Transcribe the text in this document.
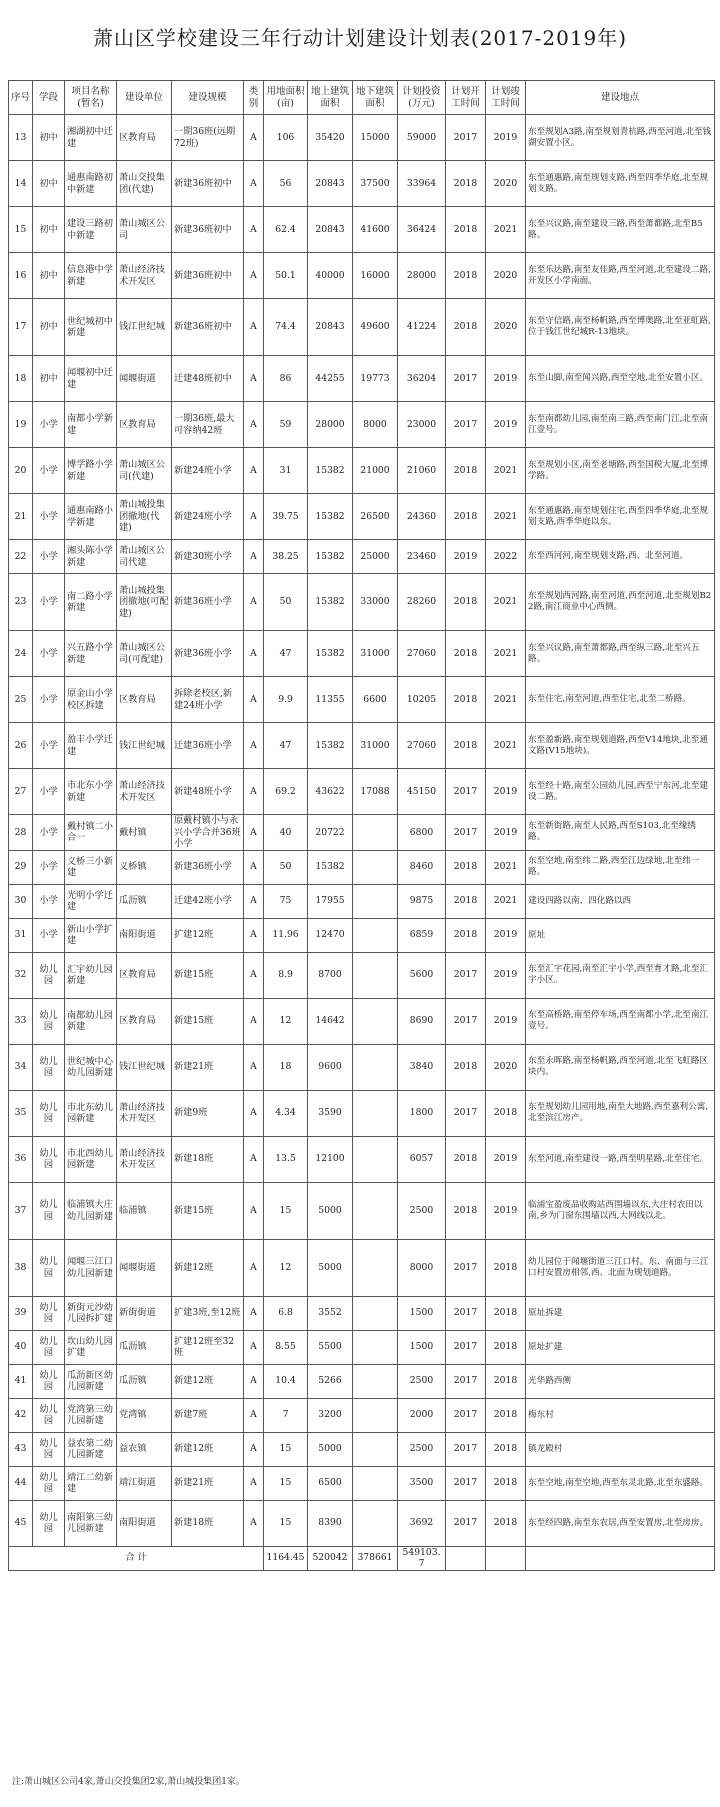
萧山区学校建设三年行动计划建设计划表(2017-2019年)
序号	学段	项目名称(暂名)	建设单位	建设规模	类别	用地面积(亩)	地上建筑面积	地下建筑面积	计划投资(万元)	计划开工时间	计划竣工时间	建设地点
13	初中	湘湖初中迁建	区教育局	一期36班(远期72班)	A	106	35420	15000	59000	2017	2019	东至规划A3路,南至规划青杭路,西至河道,北至钱湖安置小区。
14	初中	通惠南路初中新建	萧山交投集团(代建)	新建36班初中	A	56	20843	37500	33964	2018	2020	东至通惠路,南至规划支路,西至四季华庭,北至规划支路。
15	初中	建设三路初中新建	萧山城区公司	新建36班初中	A	62.4	20843	41600	36424	2018	2021	东至兴议路,南至建设三路,西至萧都路,北至B5路。
16	初中	信息港中学新建	萧山经济技术开发区	新建36班初中	A	50.1	40000	16000	28000	2018	2020	东至乐达路,南至友佳路,西至河道,北至建设二路,开发区小学南面。
17	初中	世纪城初中新建	钱江世纪城	新建36班初中	A	74.4	20843	49600	41224	2018	2020	东至守信路,南至杨帆路,西至博奥路,北至亚虹路,位于钱江世纪城R-13地块。
18	初中	闻堰初中迁建	闻堰街道	迁建48班初中	A	86	44255	19773	36204	2017	2019	东至山脚,南至闻兴路,西至空地,北至安置小区。
19	小学	南都小学新建	区教育局	一期36班,最大可容纳42班	A	59	28000	8000	23000	2017	2019	东至南都幼儿园,南至南三路,西至南门江,北至南江壹号。
20	小学	博学路小学新建	萧山城区公司(代建)	新建24班小学	A	31	15382	21000	21060	2018	2021	东至规划小区,南至老塘路,西至国税大厦,北至博学路。
21	小学	通惠南路小学新建	萧山城投集团撤地(代建)	新建24班小学	A	39.75	15382	26500	24360	2018	2021	东至通惠路,南至规划住宅,西至四季华庭,北至规划支路,西季华庭以东。
22	小学	湘头陈小学新建	萧山城区公司代建	新建30班小学	A	38.25	15382	25000	23460	2019	2022	东至西河河,南至规划支路,西、北至河道。
23	小学	南二路小学新建	萧山城投集团撤地(可配建)	新建36班小学	A	50	15382	33000	28260	2018	2021	东至规划西河路,南至河道,西至河道,北至规划B22路,南江商业中心西侧。
24	小学	兴五路小学新建	萧山城区公司(可配建)	新建36班小学	A	47	15382	31000	27060	2018	2021	东至兴议路,南至萧都路,西至纵三路,北至兴五路。
25	小学	原金山小学校区拆建	区教育局	拆除老校区,新建24班小学	A	9.9	11355	6600	10205	2018	2021	东至住宅,南至河道,西至住宅,北至二桥路。
26	小学	盈丰小学迁建	钱江世纪城	迁建36班小学	A	47	15382	31000	27060	2018	2021	东至盈新路,南至规划道路,西至V14地块,北至通文路(V15地块)。
27	小学	市北东小学新建	萧山经济技术开发区	新建48班小学	A	69.2	43622	17088	45150	2017	2019	东至经十路,南至公园幼儿园,西至宁东河,北至建设二路。
28	小学	戴村镇二小合一	戴村镇	原戴村镇小与永兴小学合并36班小学	A	40	20722		6800	2017	2019	东至新街路,南至人民路,西至S103,北至缘绣路。
29	小学	义桥三小新建	义桥镇	新建36班小学	A	50	15382		8460	2018	2021	东至空地,南至纬二路,西至江边绿地,北至纬一路。
30	小学	光明小学迁建	瓜沥镇	迁建42班小学	A	75	17955		9875	2018	2021	建设四路以南、四化路以西
31	小学	新山小学扩建	南阳街道	扩建12班	A	11.96	12470		6859	2018	2019	原址
32	幼儿园	汇宇幼儿园新建	区教育局	新建15班	A	8.9	8700		5600	2017	2019	东至汇宇花园,南至汇宇小学,西至育才路,北至汇宇小区。
33	幼儿园	南都幼儿园新建	区教育局	新建15班	A	12	14642		8690	2017	2019	东至高桥路,南至停车场,西至南都小学,北至南江壹号。
34	幼儿园	世纪城中心幼儿园新建	钱江世纪城	新建21班	A	18	9600		3840	2018	2020	东至永晖路,南至杨帆路,西至河道,北至飞虹路区块内。
35	幼儿园	市北东幼儿园新建	萧山经济技术开发区	新建9班	A	4.34	3590		1800	2017	2018	东至规划幼儿园用地,南至大地路,西至嘉利公寓,北至滨江房产。
36	幼儿园	市北西幼儿园新建	萧山经济技术开发区	新建18班	A	13.5	12100		6057	2018	2019	东至河道,南至建设一路,西至明星路,北至住宅。
37	幼儿园	临浦镇大庄幼儿园新建	临浦镇	新建15班	A	15	5000		2500	2018	2019	临浦宝盈废品收购站西围墙以东,大庄村农田以南,乡为门窗东围墙以西,大网线以北。
38	幼儿园	闻堰三江口幼儿园新建	闻堰街道	新建12班	A	12	5000		8000	2017	2018	幼儿园位于闻堰街道三江口村。东、南面与三江口村安置房相邻,西、北面为规划道路。
39	幼儿园	新街元沙幼儿园拆扩建	新街街道	扩建3班,至12班	A	6.8	3552		1500	2017	2018	原址拆建
40	幼儿园	坎山幼儿园扩建	瓜沥镇	扩建12班至32班	A	8.55	5500		1500	2017	2018	原址扩建
41	幼儿园	瓜沥新区幼儿园新建	瓜沥镇	新建12班	A	10.4	5266		2500	2017	2018	光华路西侧
42	幼儿园	党湾第三幼儿园新建	党湾镇	新建7班	A	7	3200		2000	2017	2018	梅东村
43	幼儿园	益农第二幼儿园新建	益农镇	新建12班	A	15	5000		2500	2017	2018	镇龙殿村
44	幼儿园	靖江二幼新建	靖江街道	新建21班	A	15	6500		3500	2017	2018	东至空地,南至空地,西至东灵北路,北至东盛路。
45	幼儿园	南阳第三幼儿园新建	南阳街道	新建18班	A	15	8390		3692	2017	2018	东至经四路,南至东农居,西至安置房,北至房房。
合 计						1164.45	520042	378661	549103.7			
注:萧山城区公司4家,萧山交投集团2家,萧山城投集团1家。
